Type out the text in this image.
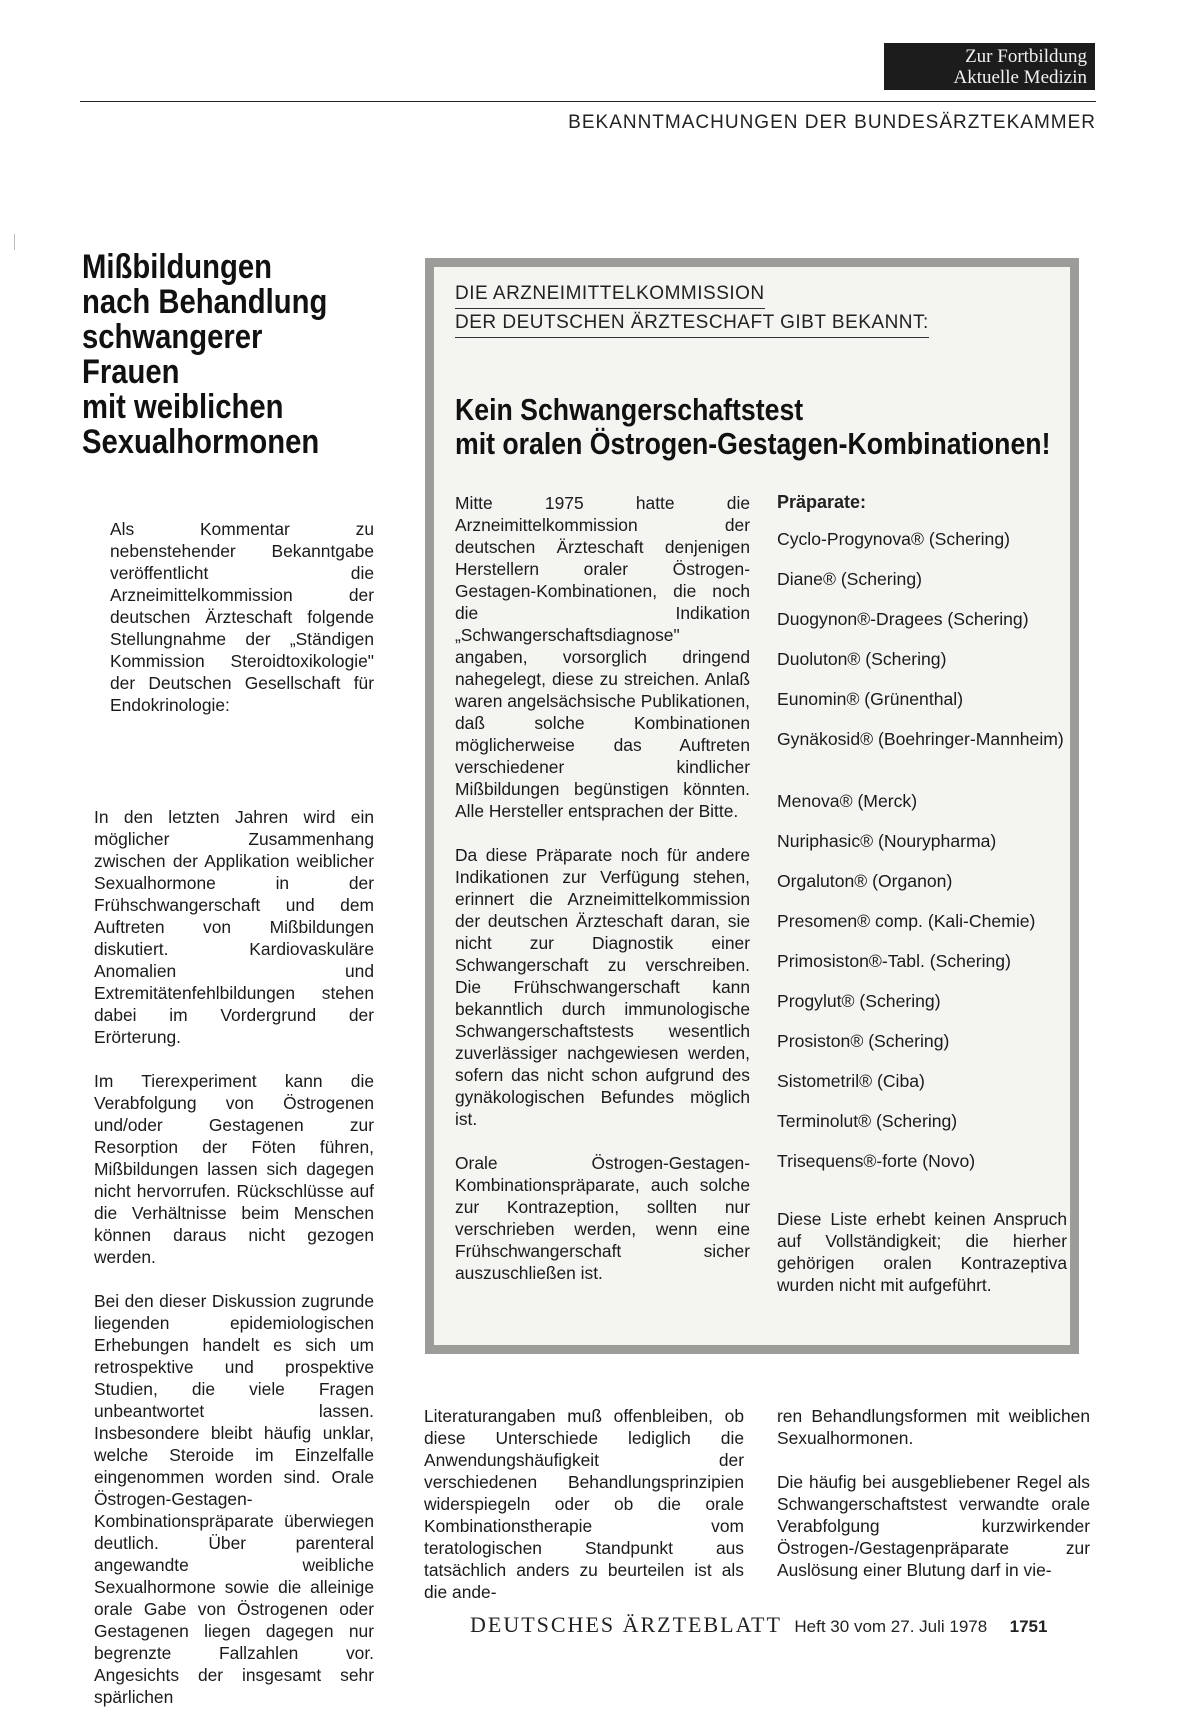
Zur Fortbildung
Aktuelle Medizin
BEKANNTMACHUNGEN DER BUNDESÄRZTEKAMMER
Mißbildungen
nach Behandlung
schwangerer Frauen
mit weiblichen
Sexualhormonen

Als Kommentar zu nebenstehender Bekanntgabe veröffentlicht die Arzneimittelkommission der deutschen Ärzteschaft folgende Stellungnahme der „Ständigen Kommission Steroidtoxikologie" der Deutschen Gesellschaft für Endokrinologie:

In den letzten Jahren wird ein möglicher Zusammenhang zwischen der Applikation weiblicher Sexualhormone in der Frühschwangerschaft und dem Auftreten von Mißbildungen diskutiert. Kardiovaskuläre Anomalien und Extremitätenfehlbildungen stehen dabei im Vordergrund der Erörterung.

Im Tierexperiment kann die Verabfolgung von Östrogenen und/oder Gestagenen zur Resorption der Föten führen, Mißbildungen lassen sich dagegen nicht hervorrufen. Rückschlüsse auf die Verhältnisse beim Menschen können daraus nicht gezogen werden.

Bei den dieser Diskussion zugrunde liegenden epidemiologischen Erhebungen handelt es sich um retrospektive und prospektive Studien, die viele Fragen unbeantwortet lassen. Insbesondere bleibt häufig unklar, welche Steroide im Einzelfalle eingenommen worden sind. Orale Östrogen-Gestagen-Kombinationspräparate überwiegen deutlich. Über parenteral angewandte weibliche Sexualhormone sowie die alleinige orale Gabe von Östrogenen oder Gestagenen liegen dagegen nur begrenzte Fallzahlen vor. Angesichts der insgesamt sehr spärlichen

DIE ARZNEIMITTELKOMMISSION
DER DEUTSCHEN ÄRZTESCHAFT GIBT BEKANNT:
Kein Schwangerschaftstest
mit oralen Östrogen-Gestagen-Kombinationen!

Mitte 1975 hatte die Arzneimittelkommission der deutschen Ärzteschaft denjenigen Herstellern oraler Östrogen-Gestagen-Kombinationen, die noch die Indikation „Schwangerschaftsdiagnose" angaben, vorsorglich dringend nahegelegt, diese zu streichen. Anlaß waren angelsächsische Publikationen, daß solche Kombinationen möglicherweise das Auftreten verschiedener kindlicher Mißbildungen begünstigen könnten. Alle Hersteller entsprachen der Bitte.

Da diese Präparate noch für andere Indikationen zur Verfügung stehen, erinnert die Arzneimittelkommission der deutschen Ärzteschaft daran, sie nicht zur Diagnostik einer Schwangerschaft zu verschreiben. Die Frühschwangerschaft kann bekanntlich durch immunologische Schwangerschaftstests wesentlich zuverlässiger nachgewiesen werden, sofern das nicht schon aufgrund des gynäkologischen Befundes möglich ist.

Orale Östrogen-Gestagen-Kombinationspräparate, auch solche zur Kontrazeption, sollten nur verschrieben werden, wenn eine Frühschwangerschaft sicher auszuschließen ist.

Präparate:
Cyclo-Progynova® (Schering)
Diane® (Schering)
Duogynon®-Dragees (Schering)
Duoluton® (Schering)
Eunomin® (Grünenthal)
Gynäkosid® (Boehringer-Mannheim)
Menova® (Merck)
Nuriphasic® (Nourypharma)
Orgaluton® (Organon)
Presomen® comp. (Kali-Chemie)
Primosiston®-Tabl. (Schering)
Progylut® (Schering)
Prosiston® (Schering)
Sistometril® (Ciba)
Terminolut® (Schering)
Trisequens®-forte (Novo)

Diese Liste erhebt keinen Anspruch auf Vollständigkeit; die hierher gehörigen oralen Kontrazeptiva wurden nicht mit aufgeführt.

Literaturangaben muß offenbleiben, ob diese Unterschiede lediglich die Anwendungshäufigkeit der verschiedenen Behandlungsprinzipien widerspiegeln oder ob die orale Kombinationstherapie vom teratologischen Standpunkt aus tatsächlich anders zu beurteilen ist als die ande-

ren Behandlungsformen mit weiblichen Sexualhormonen.

Die häufig bei ausgebliebener Regel als Schwangerschaftstest verwandte orale Verabfolgung kurzwirkender Östrogen-/Gestagenpräparate zur Auslösung einer Blutung darf in vie-

DEUTSCHES ÄRZTEBLATT Heft 30 vom 27. Juli 1978 1751
